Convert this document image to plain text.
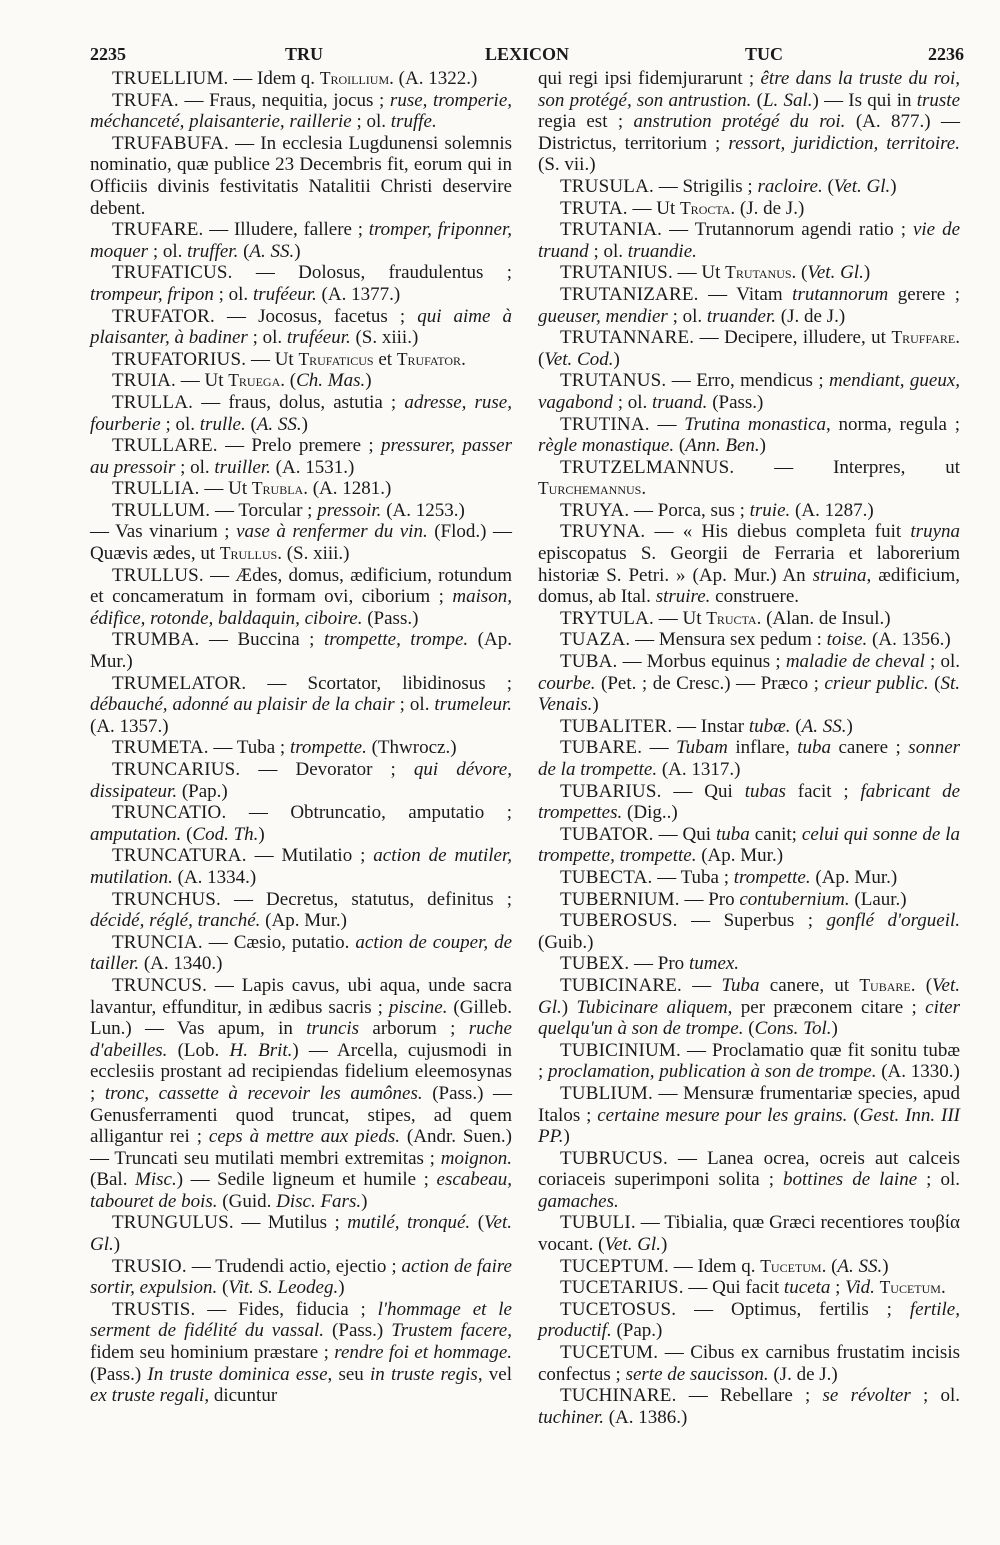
2235	TRU	LEXICON	TUC	2236

TRUELLIUM. — Idem q. Troillium. (A. 1322.)

TRUFA. — Fraus, nequitia, jocus ; ruse, tromperie, méchanceté, plaisanterie, raillerie ; ol. truffe.

TRUFABUFA. — In ecclesia Lugdunensi solemnis nominatio, quæ publice 23 Decembris fit, eorum qui in Officiis divinis festivitatis Natalitii Christi deservire debent.

TRUFARE. — Illudere, fallere ; tromper, friponner, moquer ; ol. truffer. (A. SS.)

TRUFATICUS. — Dolosus, fraudulentus ; trompeur, fripon ; ol. truféeur. (A. 1377.)

TRUFATOR. — Jocosus, facetus ; qui aime à plaisanter, à badiner ; ol. truféeur. (S. xiii.)

TRUFATORIUS. — Ut Trufaticus et Trufator.

TRUIA. — Ut Truega. (Ch. Mas.)

TRULLA. — fraus, dolus, astutia ; adresse, ruse, fourberie ; ol. trulle. (A. SS.)

TRULLARE. — Prelo premere ; pressurer, passer au pressoir ; ol. truiller. (A. 1531.)

TRULLIA. — Ut Trubla. (A. 1281.)

TRULLUM. — Torcular ; pressoir. (A. 1253.)

— Vas vinarium ; vase à renfermer du vin. (Flod.) — Quævis ædes, ut Trullus. (S. xiii.)

TRULLUS. — Ædes, domus, ædificium, rotundum et concameratum in formam ovi, ciborium ; maison, édifice, rotonde, baldaquin, ciboire. (Pass.)

TRUMBA. — Buccina ; trompette, trompe. (Ap. Mur.)

TRUMELATOR. — Scortator, libidinosus ; débauché, adonné au plaisir de la chair ; ol. trumeleur. (A. 1357.)

TRUMETA. — Tuba ; trompette. (Thwrocz.)

TRUNCARIUS. — Devorator ; qui dévore, dissipateur. (Pap.)

TRUNCATIO. — Obtruncatio, amputatio ; amputation. (Cod. Th.)

TRUNCATURA. — Mutilatio ; action de mutiler, mutilation. (A. 1334.)

TRUNCHUS. — Decretus, statutus, definitus ; décidé, réglé, tranché. (Ap. Mur.)

TRUNCIA. — Cæsio, putatio. action de couper, de tailler. (A. 1340.)

TRUNCUS. — Lapis cavus, ubi aqua, unde sacra lavantur, effunditur, in ædibus sacris ; piscine. (Gilleb. Lun.) — Vas apum, in truncis arborum ; ruche d'abeilles. (Lob. H. Brit.) — Arcella, cujusmodi in ecclesiis prostant ad recipiendas fidelium eleemosynas ; tronc, cassette à recevoir les aumônes. (Pass.) — Genusferramenti quod truncat, stipes, ad quem alligantur rei ; ceps à mettre aux pieds. (Andr. Suen.) — Truncati seu mutilati membri extremitas ; moignon. (Bal. Misc.) — Sedile ligneum et humile ; escabeau, tabouret de bois. (Guid. Disc. Fars.)

TRUNGULUS. — Mutilus ; mutilé, tronqué. (Vet. Gl.)

TRUSIO. — Trudendi actio, ejectio ; action de faire sortir, expulsion. (Vit. S. Leodeg.)

TRUSTIS. — Fides, fiducia ; l'hommage et le serment de fidélité du vassal. (Pass.) Trustem facere, fidem seu hominium præstare ; rendre foi et hommage. (Pass.) In truste dominica esse, seu in truste regis, vel ex truste regali, dicuntur

qui regi ipsi fidemjurarunt ; être dans la truste du roi, son protégé, son antrustion. (L. Sal.) — Is qui in truste regia est ; anstrution protégé du roi. (A. 877.) — Districtus, territorium ; ressort, juridiction, territoire. (S. vii.)

TRUSULA. — Strigilis ; racloire. (Vet. Gl.)

TRUTA. — Ut Trocta. (J. de J.)

TRUTANIA. — Trutannorum agendi ratio ; vie de truand ; ol. truandie.

TRUTANIUS. — Ut Trutanus. (Vet. Gl.)

TRUTANIZARE. — Vitam trutannorum gerere ; gueuser, mendier ; ol. truander. (J. de J.)

TRUTANNARE. — Decipere, illudere, ut Truffare. (Vet. Cod.)

TRUTANUS. — Erro, mendicus ; mendiant, gueux, vagabond ; ol. truand. (Pass.)

TRUTINA. — Trutina monastica, norma, regula ; règle monastique. (Ann. Ben.)

TRUTZELMANNUS. — Interpres, ut Turchemannus.

TRUYA. — Porca, sus ; truie. (A. 1287.)

TRUYNA. — « His diebus completa fuit truyna episcopatus S. Georgii de Ferraria et laborerium historiæ S. Petri. » (Ap. Mur.) An struina, ædificium, domus, ab Ital. struire. construere.

TRYTULA. — Ut Tructa. (Alan. de Insul.)

TUAZA. — Mensura sex pedum : toise. (A. 1356.)

TUBA. — Morbus equinus ; maladie de cheval ; ol. courbe. (Pet. ; de Cresc.) — Præco ; crieur public. (St. Venais.)

TUBALITER. — Instar tubæ. (A. SS.)

TUBARE. — Tubam inflare, tuba canere ; sonner de la trompette. (A. 1317.)

TUBARIUS. — Qui tubas facit ; fabricant de trompettes. (Dig..)

TUBATOR. — Qui tuba canit; celui qui sonne de la trompette, trompette. (Ap. Mur.)

TUBECTA. — Tuba ; trompette. (Ap. Mur.)

TUBERNIUM. — Pro contubernium. (Laur.)

TUBEROSUS. — Superbus ; gonflé d'orgueil. (Guib.)

TUBEX. — Pro tumex.

TUBICINARE. — Tuba canere, ut Tubare. (Vet. Gl.) Tubicinare aliquem, per præconem citare ; citer quelqu'un à son de trompe. (Cons. Tol.)

TUBICINIUM. — Proclamatio quæ fit sonitu tubæ ; proclamation, publication à son de trompe. (A. 1330.)

TUBLIUM. — Mensuræ frumentariæ species, apud Italos ; certaine mesure pour les grains. (Gest. Inn. III PP.)

TUBRUCUS. — Lanea ocrea, ocreis aut calceis coriaceis superimponi solita ; bottines de laine ; ol. gamaches.

TUBULI. — Tibialia, quæ Græci recentiores τουβία vocant. (Vet. Gl.)

TUCEPTUM. — Idem q. Tucetum. (A. SS.)

TUCETARIUS. — Qui facit tuceta ; Vid. Tucetum.

TUCETOSUS. — Optimus, fertilis ; fertile, productif. (Pap.)

TUCETUM. — Cibus ex carnibus frustatim incisis confectus ; serte de saucisson. (J. de J.)

TUCHINARE. — Rebellare ; se révolter ; ol. tuchiner. (A. 1386.)
